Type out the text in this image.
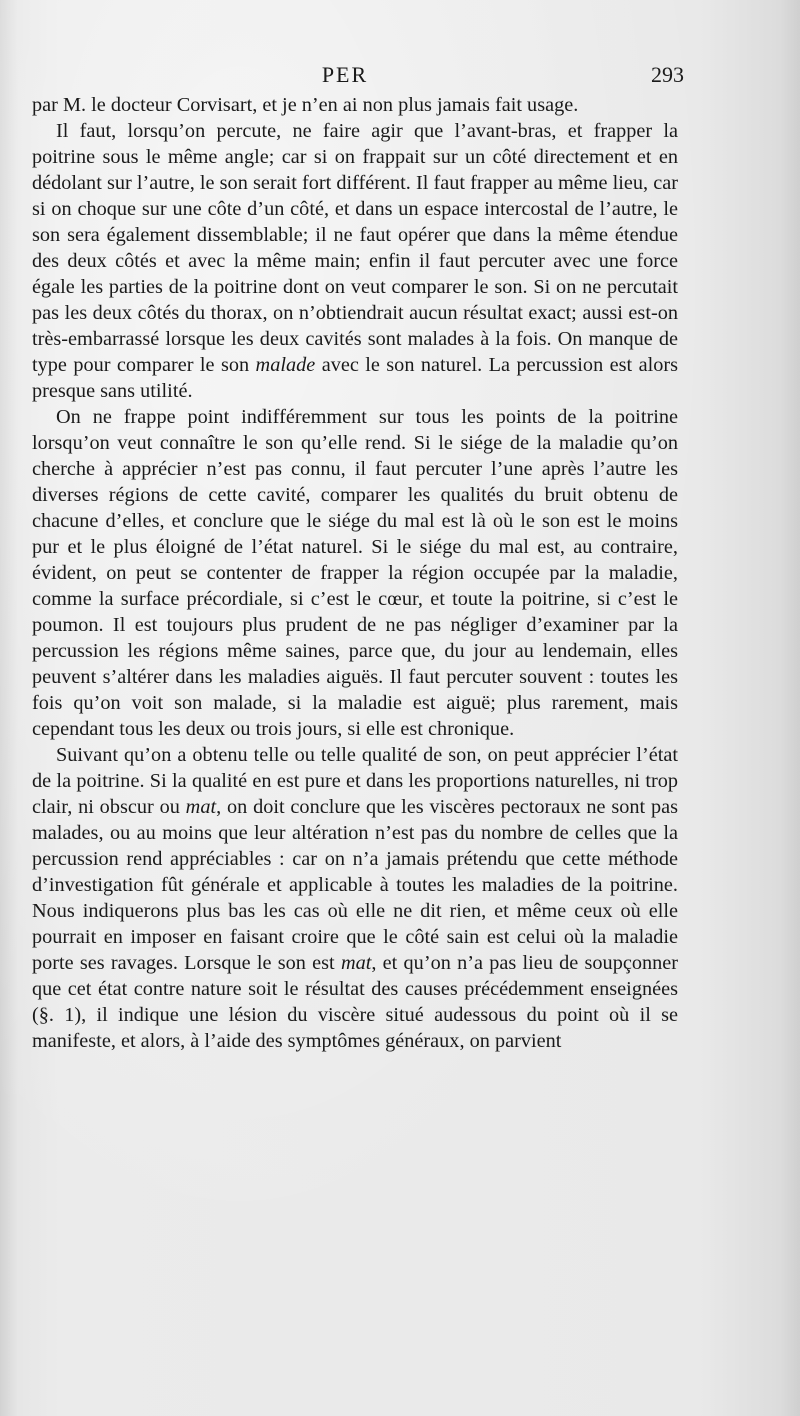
PER	293

par M. le docteur Corvisart, et je n’en ai non plus jamais fait usage.

Il faut, lorsqu’on percute, ne faire agir que l’avant-bras, et frapper la poitrine sous le même angle; car si on frappait sur un côté directement et en dédolant sur l’autre, le son serait fort différent. Il faut frapper au même lieu, car si on choque sur une côte d’un côté, et dans un espace intercostal de l’autre, le son sera également dissemblable; il ne faut opérer que dans la même étendue des deux côtés et avec la même main; enfin il faut percuter avec une force égale les parties de la poitrine dont on veut comparer le son. Si on ne percutait pas les deux côtés du thorax, on n’obtiendrait aucun résultat exact; aussi est-on très-embarrassé lorsque les deux cavités sont malades à la fois. On manque de type pour comparer le son malade avec le son naturel. La percussion est alors presque sans utilité.

On ne frappe point indifféremment sur tous les points de la poitrine lorsqu’on veut connaître le son qu’elle rend. Si le siége de la maladie qu’on cherche à apprécier n’est pas connu, il faut percuter l’une après l’autre les diverses régions de cette cavité, comparer les qualités du bruit obtenu de chacune d’elles, et conclure que le siége du mal est là où le son est le moins pur et le plus éloigné de l’état naturel. Si le siége du mal est, au contraire, évident, on peut se contenter de frapper la région occupée par la maladie, comme la surface précordiale, si c’est le cœur, et toute la poitrine, si c’est le poumon. Il est toujours plus prudent de ne pas négliger d’examiner par la percussion les régions même saines, parce que, du jour au lendemain, elles peuvent s’altérer dans les maladies aiguës. Il faut percuter souvent : toutes les fois qu’on voit son malade, si la maladie est aiguë; plus rarement, mais cependant tous les deux ou trois jours, si elle est chronique.

Suivant qu’on a obtenu telle ou telle qualité de son, on peut apprécier l’état de la poitrine. Si la qualité en est pure et dans les proportions naturelles, ni trop clair, ni obscur ou mat, on doit conclure que les viscères pectoraux ne sont pas malades, ou au moins que leur altération n’est pas du nombre de celles que la percussion rend appréciables : car on n’a jamais prétendu que cette méthode d’investigation fût générale et applicable à toutes les maladies de la poitrine. Nous indiquerons plus bas les cas où elle ne dit rien, et même ceux où elle pourrait en imposer en faisant croire que le côté sain est celui où la maladie porte ses ravages. Lorsque le son est mat, et qu’on n’a pas lieu de soupçonner que cet état contre nature soit le résultat des causes précédemment enseignées (§. 1), il indique une lésion du viscère situé audessous du point où il se manifeste, et alors, à l’aide des symptômes généraux, on parvient
